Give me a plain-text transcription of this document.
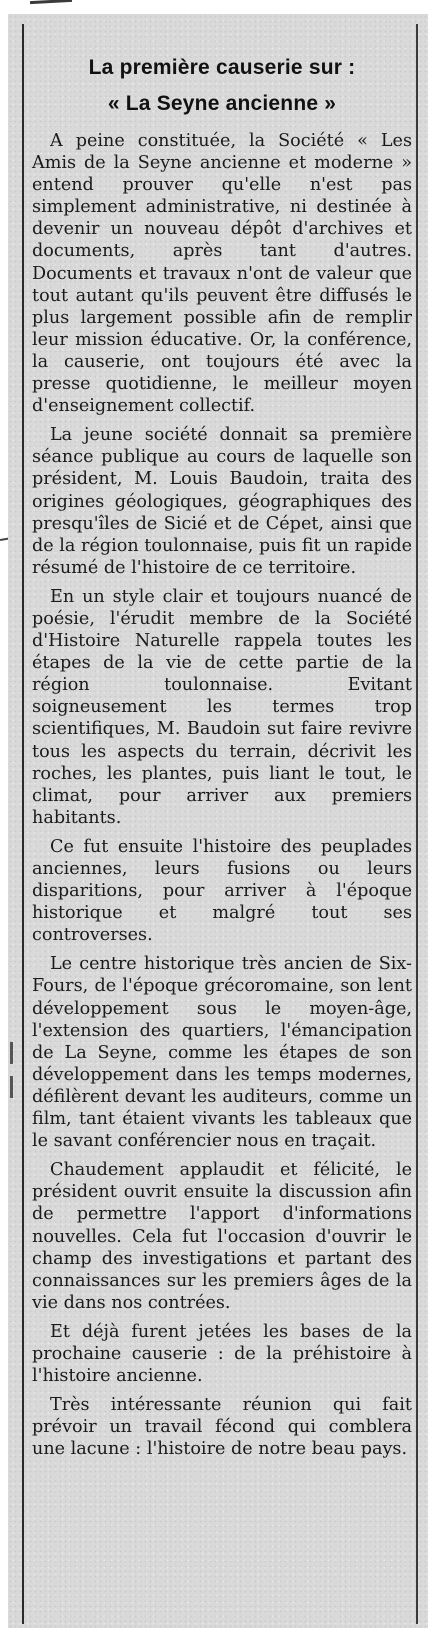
La première causerie sur :
« La Seyne ancienne »

A peine constituée, la Société « Les Amis de la Seyne ancienne et moderne » entend prouver qu'elle n'est pas simplement administrative, ni destinée à devenir un nouveau dépôt d'archives et documents, après tant d'autres. Documents et travaux n'ont de valeur que tout autant qu'ils peuvent être diffusés le plus largement possible afin de remplir leur mission éducative. Or, la conférence, la causerie, ont toujours été avec la presse quotidienne, le meilleur moyen d'enseignement collectif.

La jeune société donnait sa première séance publique au cours de laquelle son président, M. Louis Baudoin, traita des origines géologiques, géographiques des presqu'îles de Sicié et de Cépet, ainsi que de la région toulonnaise, puis fit un rapide résumé de l'histoire de ce territoire.

En un style clair et toujours nuancé de poésie, l'érudit membre de la Société d'Histoire Naturelle rappela toutes les étapes de la vie de cette partie de la région toulonnaise. Evitant soigneusement les termes trop scientifiques, M. Baudoin sut faire revivre tous les aspects du terrain, décrivit les roches, les plantes, puis liant le tout, le climat, pour arriver aux premiers habitants.

Ce fut ensuite l'histoire des peuplades anciennes, leurs fusions ou leurs disparitions, pour arriver à l'époque historique et malgré tout ses controverses.

Le centre historique très ancien de Six-Fours, de l'époque grécoromaine, son lent développement sous le moyen-âge, l'extension des quartiers, l'émancipation de La Seyne, comme les étapes de son développement dans les temps modernes, défilèrent devant les auditeurs, comme un film, tant étaient vivants les tableaux que le savant conférencier nous en traçait.

Chaudement applaudit et félicité, le président ouvrit ensuite la discussion afin de permettre l'apport d'informations nouvelles. Cela fut l'occasion d'ouvrir le champ des investigations et partant des connaissances sur les premiers âges de la vie dans nos contrées.

Et déjà furent jetées les bases de la prochaine causerie : de la préhistoire à l'histoire ancienne.

Très intéressante réunion qui fait prévoir un travail fécond qui comblera une lacune : l'histoire de notre beau pays.
